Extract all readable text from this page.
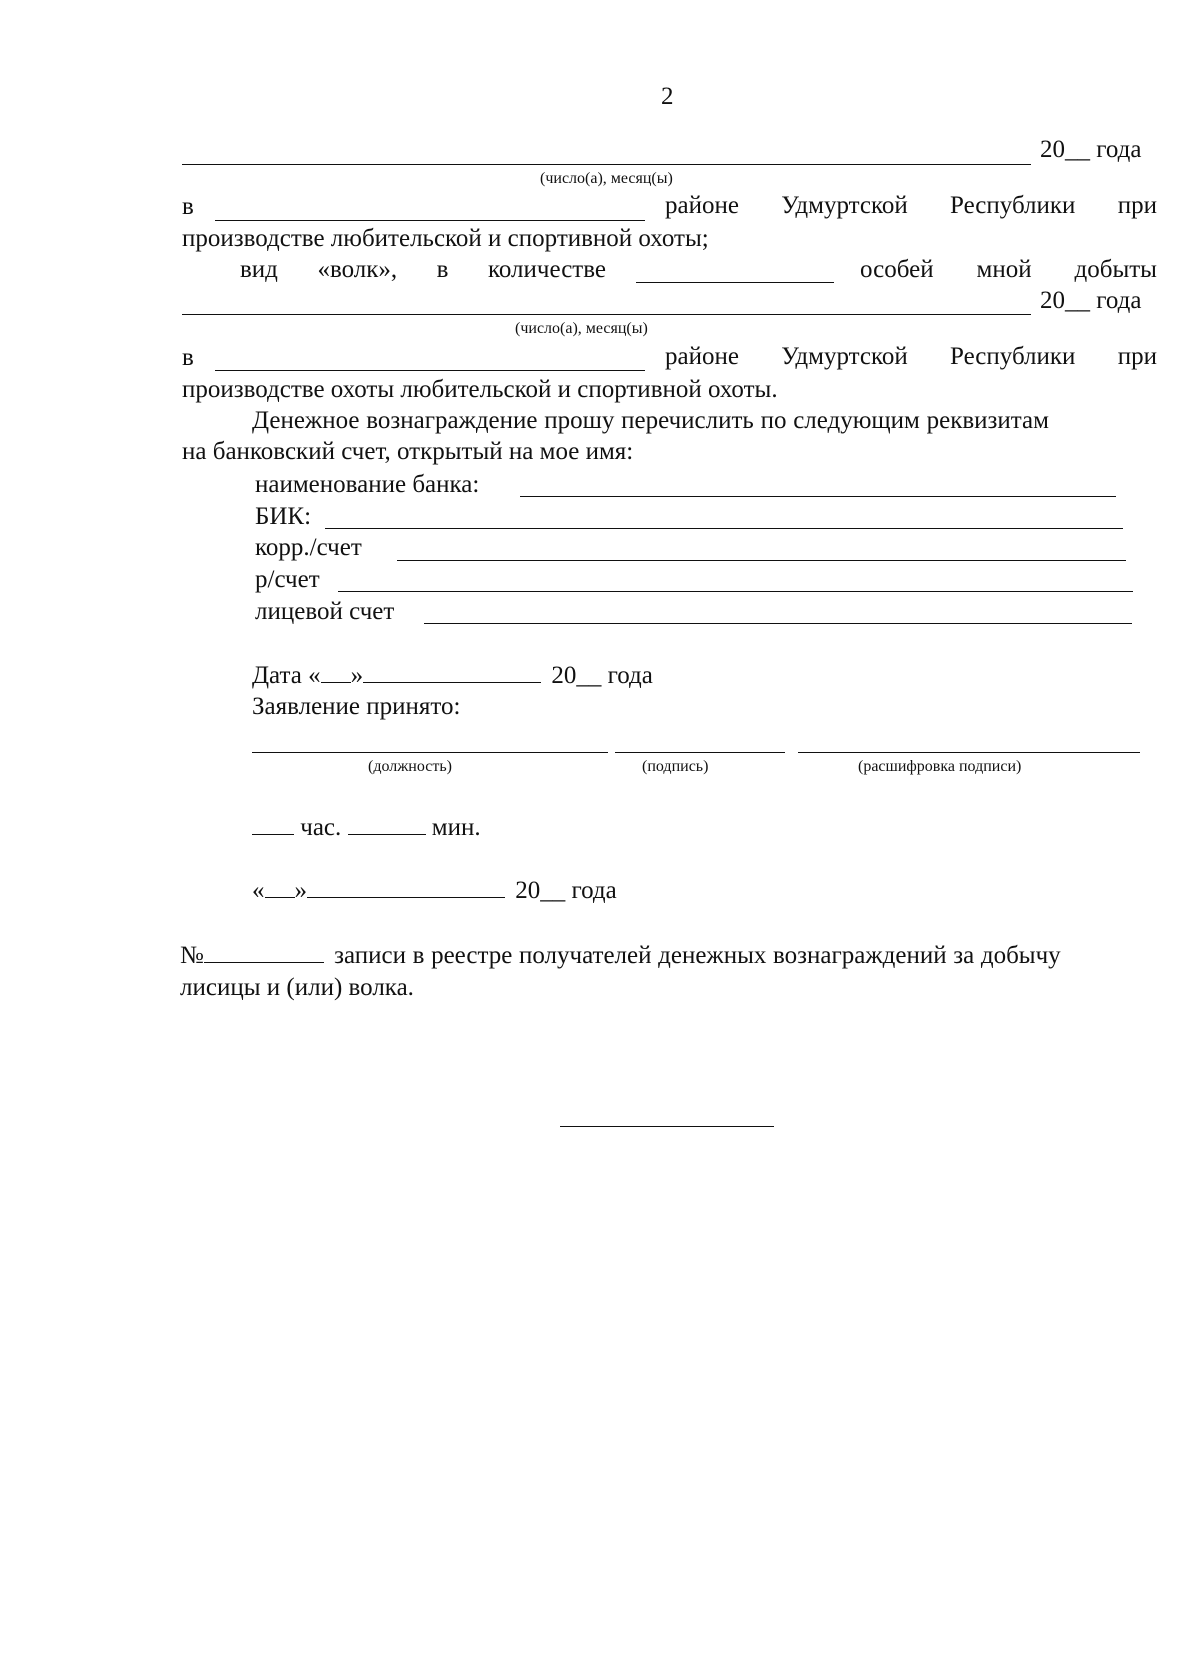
2
20__ года
(число(а), месяц(ы)
в	районе Удмуртской Республики при
производстве любительской и спортивной охоты;
вид «волк», в количестве	особей мной добыты
20__ года
(число(а), месяц(ы)
в	районе Удмуртской Республики при
производстве охоты любительской и спортивной охоты.
Денежное вознаграждение прошу перечислить по следующим реквизитам
на банковский счет, открытый на мое имя:
наименование банка:
БИК:
корр./счет
р/счет
лицевой счет
Дата « »	20__ года
Заявление принято:
(должность)	(подпись)	(расшифровка подписи)
час.	мин.
« »	20__ года
№	записи в реестре получателей денежных вознаграждений за добычу
лисицы и (или) волка.
